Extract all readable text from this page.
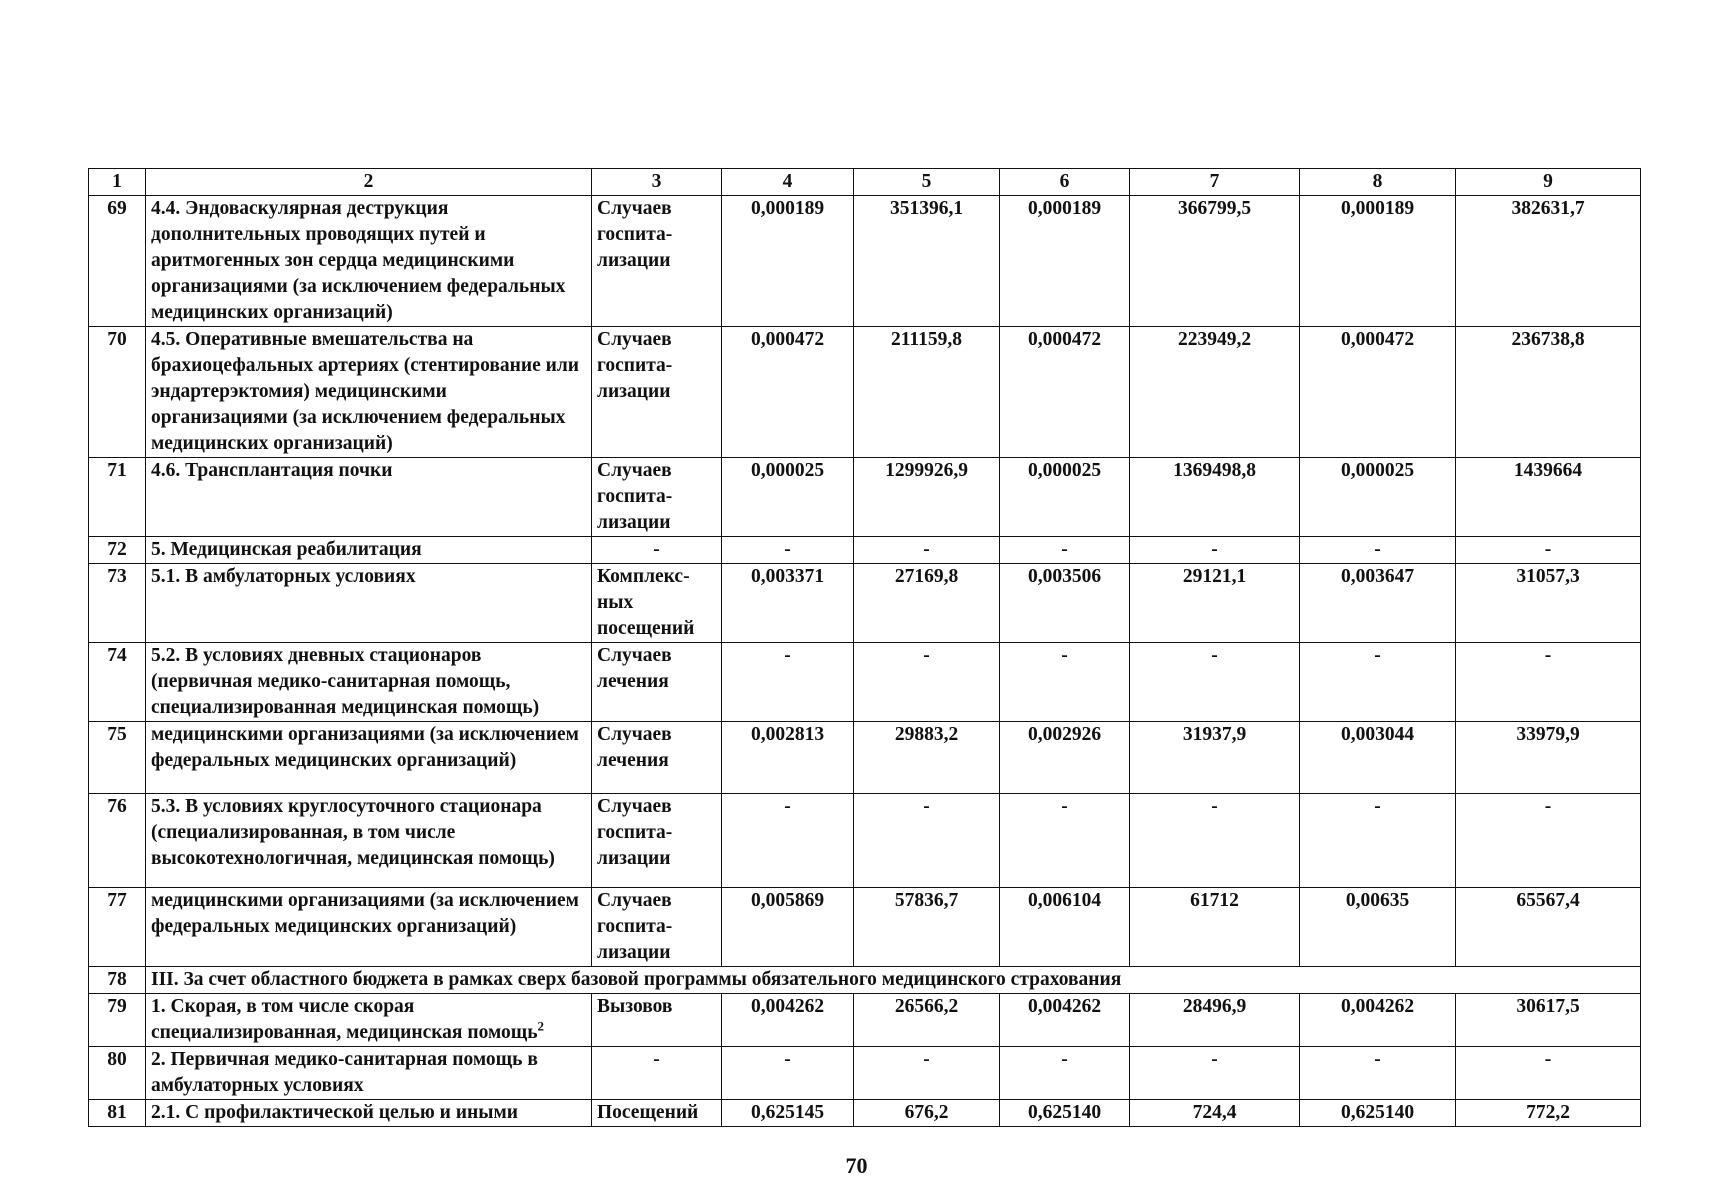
1	2	3	4	5	6	7	8	9
69	4.4. Эндоваскулярная деструкция дополнительных проводящих путей и аритмогенных зон сердца медицинскими организациями (за исключением федеральных медицинских организаций)	Случаев госпита-лизации	0,000189	351396,1	0,000189	366799,5	0,000189	382631,7
70	4.5. Оперативные вмешательства на брахиоцефальных артериях (стентирование или эндартерэктомия) медицинскими организациями (за исключением федеральных медицинских организаций)	Случаев госпита-лизации	0,000472	211159,8	0,000472	223949,2	0,000472	236738,8
71	4.6. Трансплантация почки	Случаев госпита-лизации	0,000025	1299926,9	0,000025	1369498,8	0,000025	1439664
72	5. Медицинская реабилитация	-	-	-	-	-	-	-
73	5.1. В амбулаторных условиях	Комплекс-ных посещений	0,003371	27169,8	0,003506	29121,1	0,003647	31057,3
74	5.2. В условиях дневных стационаров (первичная медико-санитарная помощь, специализированная медицинская помощь)	Случаев лечения	-	-	-	-	-	-
75	медицинскими организациями (за исключением федеральных медицинских организаций)	Случаев лечения	0,002813	29883,2	0,002926	31937,9	0,003044	33979,9
76	5.3. В условиях круглосуточного стационара (специализированная, в том числе высокотехнологичная, медицинская помощь)	Случаев госпита-лизации	-	-	-	-	-	-
77	медицинскими организациями (за исключением федеральных медицинских организаций)	Случаев госпита-лизации	0,005869	57836,7	0,006104	61712	0,00635	65567,4
78	III. За счет областного бюджета в рамках сверх базовой программы обязательного медицинского страхования							
79	1. Скорая, в том числе скорая специализированная, медицинская помощь$^2$	Вызовов	0,004262	26566,2	0,004262	28496,9	0,004262	30617,5
80	2. Первичная медико-санитарная помощь в амбулаторных условиях	-	-	-	-	-	-	-
81	2.1. С профилактической целью и иными	Посещений	0,625145	676,2	0,625140	724,4	0,625140	772,2
70
